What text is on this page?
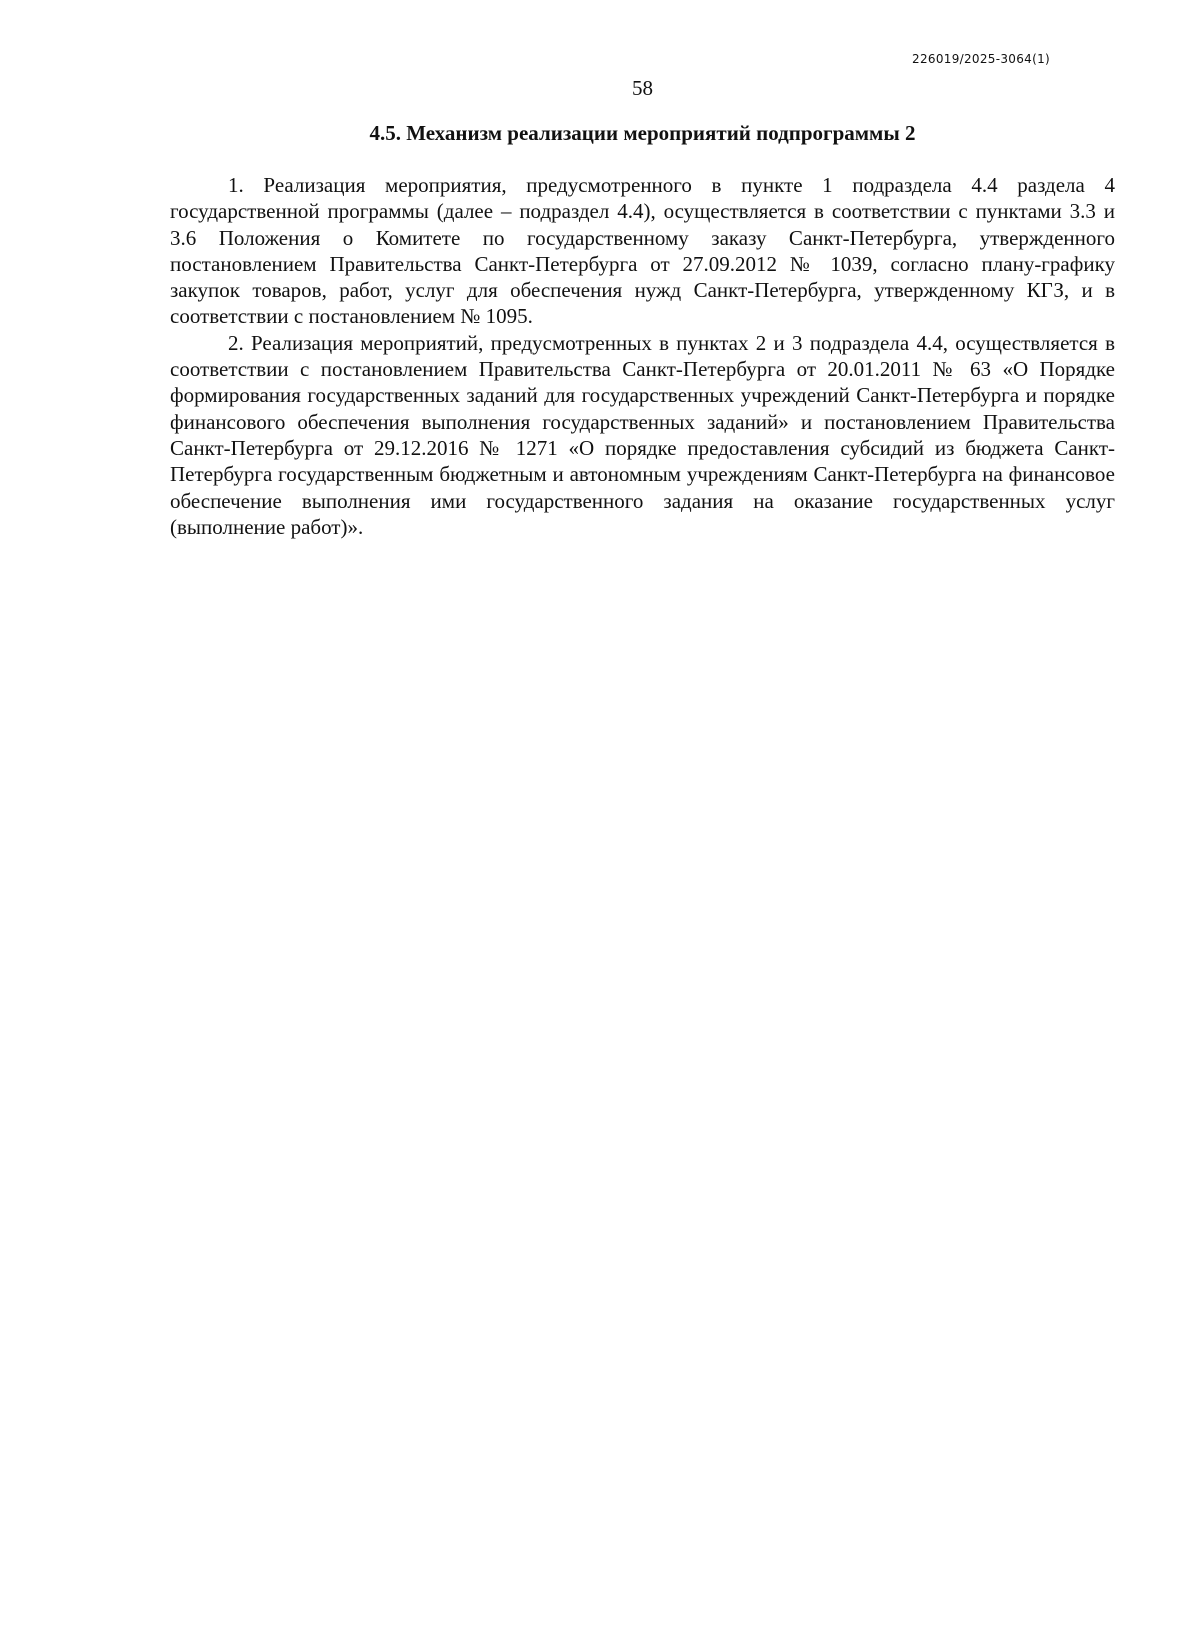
226019/2025-3064(1)
58
4.5. Механизм реализации мероприятий подпрограммы 2

1. Реализация мероприятия, предусмотренного в пункте 1 подраздела 4.4 раздела 4 государственной программы (далее – подраздел 4.4), осуществляется в соответствии с пунктами 3.3 и 3.6 Положения о Комитете по государственному заказу Санкт-Петербурга, утвержденного постановлением Правительства Санкт-Петербурга от 27.09.2012 № 1039, согласно плану-графику закупок товаров, работ, услуг для обеспечения нужд Санкт-Петербурга, утвержденному КГЗ, и в соответствии с постановлением № 1095.

2. Реализация мероприятий, предусмотренных в пунктах 2 и 3 подраздела 4.4, осуществляется в соответствии с постановлением Правительства Санкт-Петербурга от 20.01.2011 № 63 «О Порядке формирования государственных заданий для государственных учреждений Санкт-Петербурга и порядке финансового обеспечения выполнения государственных заданий» и постановлением Правительства Санкт-Петербурга от 29.12.2016 № 1271 «О порядке предоставления субсидий из бюджета Санкт-Петербурга государственным бюджетным и автономным учреждениям Санкт-Петербурга на финансовое обеспечение выполнения ими государственного задания на оказание государственных услуг (выполнение работ)».
